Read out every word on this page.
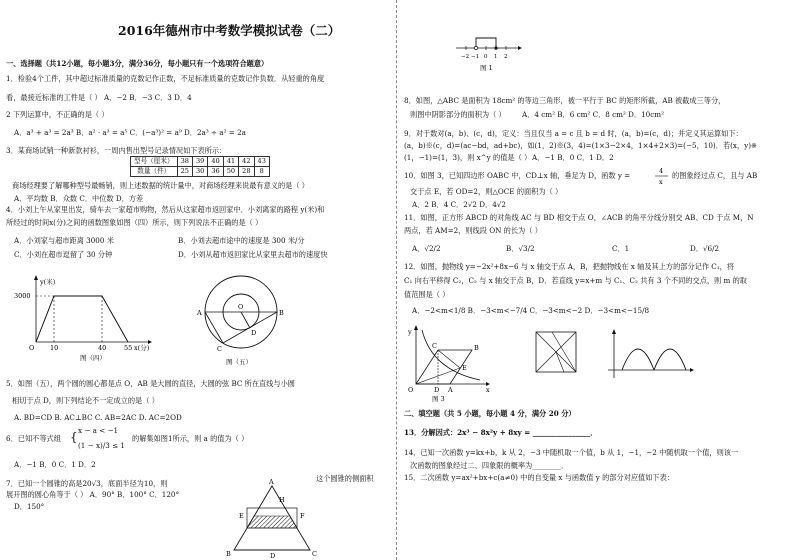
2016年德州市中考数学模拟试卷（二）
一、选择题（共12小题，每小题3分，满分36分，每小题只有一个选项符合题意）
1．检验4个工件，其中超过标准质量的克数记作正数，不足标准质量的克数记作负数．从轻重的角度
看，最接近标准的工件是（ ） A．−2 B．−3 C．3 D．4
2 下列运算中，不正确的是（ ）
A．a³ + a³ = 2a³ B．a² · a³ = a⁵ C．(−a³)² = a⁹ D．2a³ ÷ a² = 2a
3．某商场试销一种新款衬衫，一周内售出型号记录情况如下表所示：
型号（厘米）	38	39	40	41	42	43
数量（件）	25	30	36	50	28	8
商场经理要了解哪种型号最畅销，则上述数据的统计量中，对商场经理来说最有意义的是（ ）
A．平均数 B．众数 C．中位数 D．方差
4．小刘上午从家里出发，骑车去一家超市购物，然后从这家超市返回家中．小刘离家的路程 y(米)和
所经过的时间x(分)之间的函数图象如图（四）所示，则下列说法不正确的是（ ）
A．小刘家与超市距离 3000 米	B．小刘去超市途中的速度是 300 米/分
C．小刘在超市逗留了 30 分钟	D．小刘从超市返回家比从家里去超市的速度快
y(米)
3000
O 10	40	55 x(分)
图（四）
A	B
C
D
O
图（五）
5．如图（五），两个圆的圆心都是点 O，AB 是大圆的直径，大圆的弦 BC 所在直线与小圆
相切于点 D，则下列结论不一定成立的是（ ）
A. BD=CD B. AC⊥BC C. AB=2AC D. AC=2OD
6．已知不等式组 { x − a < −1
(1 − x)/3 ≤ 1
的解集如图1所示，则 a 的值为（ ）
A．−1 B．0 C．1 D．2
7．已知一个圆锥的高是20√3，底面半径为10，则
这个圆锥的侧面积
展开图的圆心角等于（ ） A．90° B．100° C．120°
D．150°
A
H
E	F
B	D	C
−2 −1 0 1 2
图 1
8．如图，△ABC 是面积为 18cm² 的等边三角形，被一平行于 BC 的矩形所截，AB 被截成三等分，
则图中阴影部分的面积为（ ）	A．4 cm² B．6 cm² C．8 cm² D．10cm²
9．对于数对(a，b)、(c，d)，定义：当且仅当 a = c 且 b = d 时，(a，b)=(c，d)；并定义其运算如下：
(a，b)※(c，d)=(ac−bd，ad+bc)，如(1，2)※(3，4)=(1×3−2×4，1×4+2×3)=(−5，10)．若(x，y)※
(1，−1)=(1，3)，则 x^y 的值是（ ） A．−1 B．0 C．1 D．2
10．如图 3，已知四边形 OABC 中，CD⊥x 轴，垂足为 D，函数 y =	4
x
的图象经过点 C，且与 AB
交于点 E，若 OD=2，则△OCE 的面积为（ ）
A．2 B．4 C．2√2 D．4√2
11．如图，正方形 ABCD 的对角线 AC 与 BD 相交于点 O，∠ACB 的角平分线分别交 AB、CD 于点 M，N
两点，若 AM=2，则线段 ON 的长为（ ）
A．√2/2	B．√3/2	C．1	D．√6/2
12．如图，抛物线 y=−2x²+8x−6 与 x 轴交于点 A，B，把抛物线在 x 轴及其上方的部分记作 C₁，将
C₁ 向右平移得 C₂，C₂ 与 x 轴交于点 B，D．若直线 y=x+m 与 C₁、C₂ 共有 3 个不同的交点，则 m 的取
值范围是（ ）
A．−2<m<1/8 B．−3<m<−7/4 C．−3<m<−2 D．−3<m<−15/8
y
O	D A	x
E
C	B
图 3
二、填空题（共 5 小题，每小题 4 分，满分 20 分）
13．分解因式：2x³ − 8x²y + 8xy = ________________．
14．已知一次函数 y=kx+b，k 从 2，−3 中随机取一个值，b 从 1，−1，−2 中随机取一个值，则该一
次函数的图象经过二、四象限的概率为________．
15．二次函数 y=ax²+bx+c(a≠0) 中的自变量 x 与函数值 y 的部分对应值如下表：
